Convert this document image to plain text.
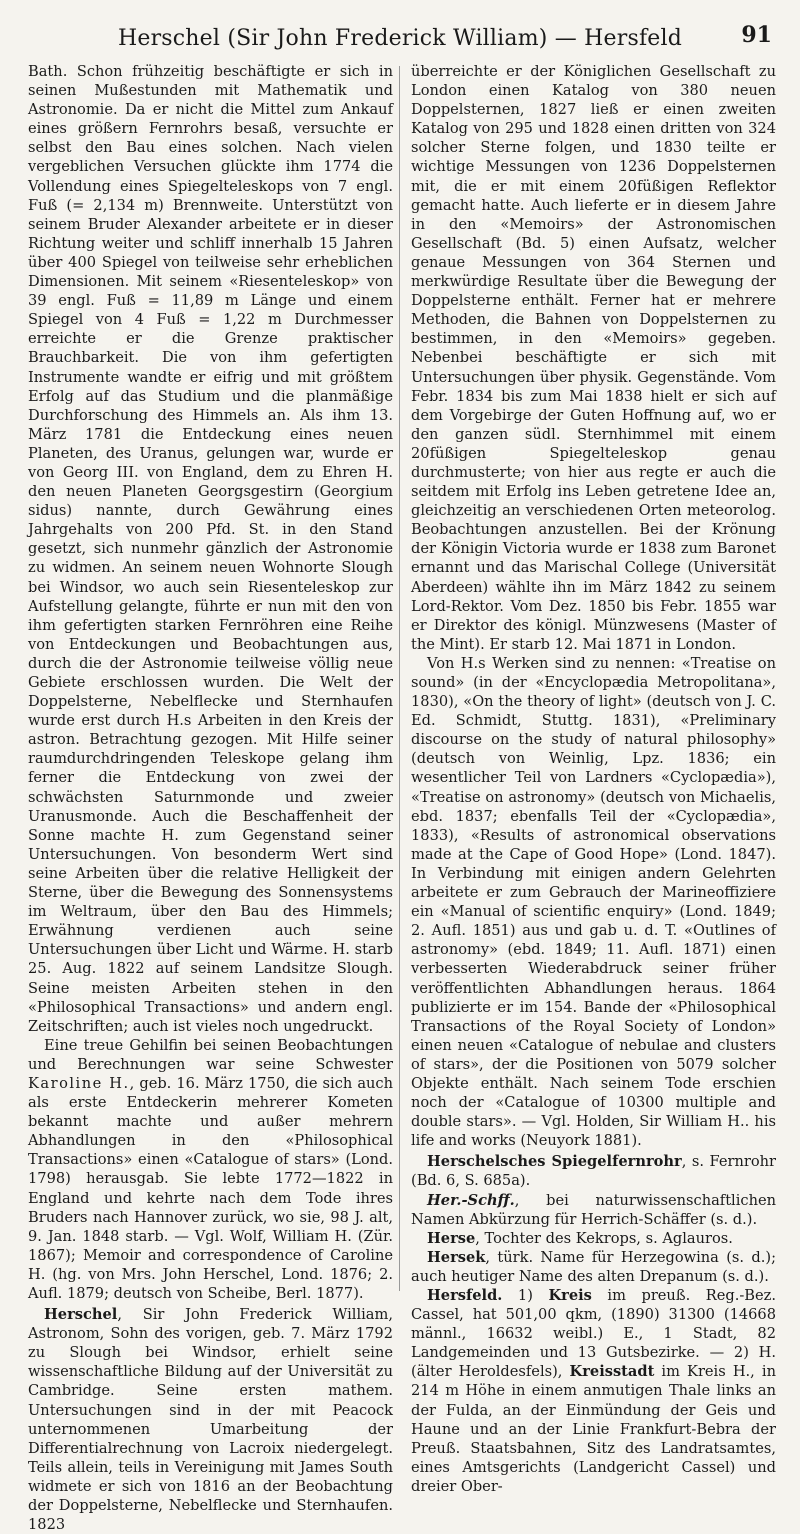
Herschel (Sir John Frederick William) — Hersfeld	91

Bath. Schon frühzeitig beschäftigte er sich in seinen Mußestunden mit Mathematik und Astronomie. Da er nicht die Mittel zum Ankauf eines größern Fernrohrs besaß, versuchte er selbst den Bau eines solchen. Nach vielen vergeblichen Versuchen glückte ihm 1774 die Vollendung eines Spiegelteleskops von 7 engl. Fuß (= 2,134 m) Brennweite. Unterstützt von seinem Bruder Alexander arbeitete er in dieser Richtung weiter und schliff innerhalb 15 Jahren über 400 Spiegel von teilweise sehr erheblichen Dimensionen. Mit seinem «Riesenteleskop» von 39 engl. Fuß = 11,89 m Länge und einem Spiegel von 4 Fuß = 1,22 m Durchmesser erreichte er die Grenze praktischer Brauchbarkeit. Die von ihm gefertigten Instrumente wandte er eifrig und mit größtem Erfolg auf das Studium und die planmäßige Durchforschung des Himmels an. Als ihm 13. März 1781 die Entdeckung eines neuen Planeten, des Uranus, gelungen war, wurde er von Georg III. von England, dem zu Ehren H. den neuen Planeten Georgsgestirn (Georgium sidus) nannte, durch Gewährung eines Jahrgehalts von 200 Pfd. St. in den Stand gesetzt, sich nunmehr gänzlich der Astronomie zu widmen. An seinem neuen Wohnorte Slough bei Windsor, wo auch sein Riesenteleskop zur Aufstellung gelangte, führte er nun mit den von ihm gefertigten starken Fernröhren eine Reihe von Entdeckungen und Beobachtungen aus, durch die der Astronomie teilweise völlig neue Gebiete erschlossen wurden. Die Welt der Doppelsterne, Nebelflecke und Sternhaufen wurde erst durch H.s Arbeiten in den Kreis der astron. Betrachtung gezogen. Mit Hilfe seiner raumdurchdringenden Teleskope gelang ihm ferner die Entdeckung von zwei der schwächsten Saturnmonde und zweier Uranusmonde. Auch die Beschaffenheit der Sonne machte H. zum Gegenstand seiner Untersuchungen. Von besonderm Wert sind seine Arbeiten über die relative Helligkeit der Sterne, über die Bewegung des Sonnensystems im Weltraum, über den Bau des Himmels; Erwähnung verdienen auch seine Untersuchungen über Licht und Wärme. H. starb 25. Aug. 1822 auf seinem Landsitze Slough. Seine meisten Arbeiten stehen in den «Philosophical Transactions» und andern engl. Zeitschriften; auch ist vieles noch ungedruckt.

Eine treue Gehilfin bei seinen Beobachtungen und Berechnungen war seine Schwester Karoline H., geb. 16. März 1750, die sich auch als erste Entdeckerin mehrerer Kometen bekannt machte und außer mehrern Abhandlungen in den «Philosophical Transactions» einen «Catalogue of stars» (Lond. 1798) herausgab. Sie lebte 1772—1822 in England und kehrte nach dem Tode ihres Bruders nach Hannover zurück, wo sie, 98 J. alt, 9. Jan. 1848 starb. — Vgl. Wolf, William H. (Zür. 1867); Memoir and correspondence of Caroline H. (hg. von Mrs. John Herschel, Lond. 1876; 2. Aufl. 1879; deutsch von Scheibe, Berl. 1877).

Herschel, Sir John Frederick William, Astronom, Sohn des vorigen, geb. 7. März 1792 zu Slough bei Windsor, erhielt seine wissenschaftliche Bildung auf der Universität zu Cambridge. Seine ersten mathem. Untersuchungen sind in der mit Peacock unternommenen Umarbeitung der Differentialrechnung von Lacroix niedergelegt. Teils allein, teils in Vereinigung mit James South widmete er sich von 1816 an der Beobachtung der Doppelsterne, Nebelflecke und Sternhaufen. 1823

überreichte er der Königlichen Gesellschaft zu London einen Katalog von 380 neuen Doppelsternen, 1827 ließ er einen zweiten Katalog von 295 und 1828 einen dritten von 324 solcher Sterne folgen, und 1830 teilte er wichtige Messungen von 1236 Doppelsternen mit, die er mit einem 20füßigen Reflektor gemacht hatte. Auch lieferte er in diesem Jahre in den «Memoirs» der Astronomischen Gesellschaft (Bd. 5) einen Aufsatz, welcher genaue Messungen von 364 Sternen und merkwürdige Resultate über die Bewegung der Doppelsterne enthält. Ferner hat er mehrere Methoden, die Bahnen von Doppelsternen zu bestimmen, in den «Memoirs» gegeben. Nebenbei beschäftigte er sich mit Untersuchungen über physik. Gegenstände. Vom Febr. 1834 bis zum Mai 1838 hielt er sich auf dem Vorgebirge der Guten Hoffnung auf, wo er den ganzen südl. Sternhimmel mit einem 20füßigen Spiegelteleskop genau durchmusterte; von hier aus regte er auch die seitdem mit Erfolg ins Leben getretene Idee an, gleichzeitig an verschiedenen Orten meteorolog. Beobachtungen anzustellen. Bei der Krönung der Königin Victoria wurde er 1838 zum Baronet ernannt und das Marischal College (Universität Aberdeen) wählte ihn im März 1842 zu seinem Lord-Rektor. Vom Dez. 1850 bis Febr. 1855 war er Direktor des königl. Münzwesens (Master of the Mint). Er starb 12. Mai 1871 in London.

Von H.s Werken sind zu nennen: «Treatise on sound» (in der «Encyclopædia Metropolitana», 1830), «On the theory of light» (deutsch von J. C. Ed. Schmidt, Stuttg. 1831), «Preliminary discourse on the study of natural philosophy» (deutsch von Weinlig, Lpz. 1836; ein wesentlicher Teil von Lardners «Cyclopædia»), «Treatise on astronomy» (deutsch von Michaelis, ebd. 1837; ebenfalls Teil der «Cyclopædia», 1833), «Results of astronomical observations made at the Cape of Good Hope» (Lond. 1847). In Verbindung mit einigen andern Gelehrten arbeitete er zum Gebrauch der Marineoffiziere ein «Manual of scientific enquiry» (Lond. 1849; 2. Aufl. 1851) aus und gab u. d. T. «Outlines of astronomy» (ebd. 1849; 11. Aufl. 1871) einen verbesserten Wiederabdruck seiner früher veröffentlichten Abhandlungen heraus. 1864 publizierte er im 154. Bande der «Philosophical Transactions of the Royal Society of London» einen neuen «Catalogue of nebulae and clusters of stars», der die Positionen von 5079 solcher Objekte enthält. Nach seinem Tode erschien noch der «Catalogue of 10300 multiple and double stars». — Vgl. Holden, Sir William H.. his life and works (Neuyork 1881).

Herschelsches Spiegelfernrohr, s. Fernrohr (Bd. 6, S. 685a).

Her.-Schff., bei naturwissenschaftlichen Namen Abkürzung für Herrich-Schäffer (s. d.).

Herse, Tochter des Kekrops, s. Aglauros.

Hersek, türk. Name für Herzegowina (s. d.); auch heutiger Name des alten Drepanum (s. d.).

Hersfeld. 1) Kreis im preuß. Reg.-Bez. Cassel, hat 501,00 qkm, (1890) 31300 (14668 männl., 16632 weibl.) E., 1 Stadt, 82 Landgemeinden und 13 Gutsbezirke. — 2) H. (älter Heroldesfels), Kreisstadt im Kreis H., in 214 m Höhe in einem anmutigen Thale links an der Fulda, an der Einmündung der Geis und Haune und an der Linie Frankfurt-Bebra der Preuß. Staatsbahnen, Sitz des Landratsamtes, eines Amtsgerichts (Landgericht Cassel) und dreier Ober-
